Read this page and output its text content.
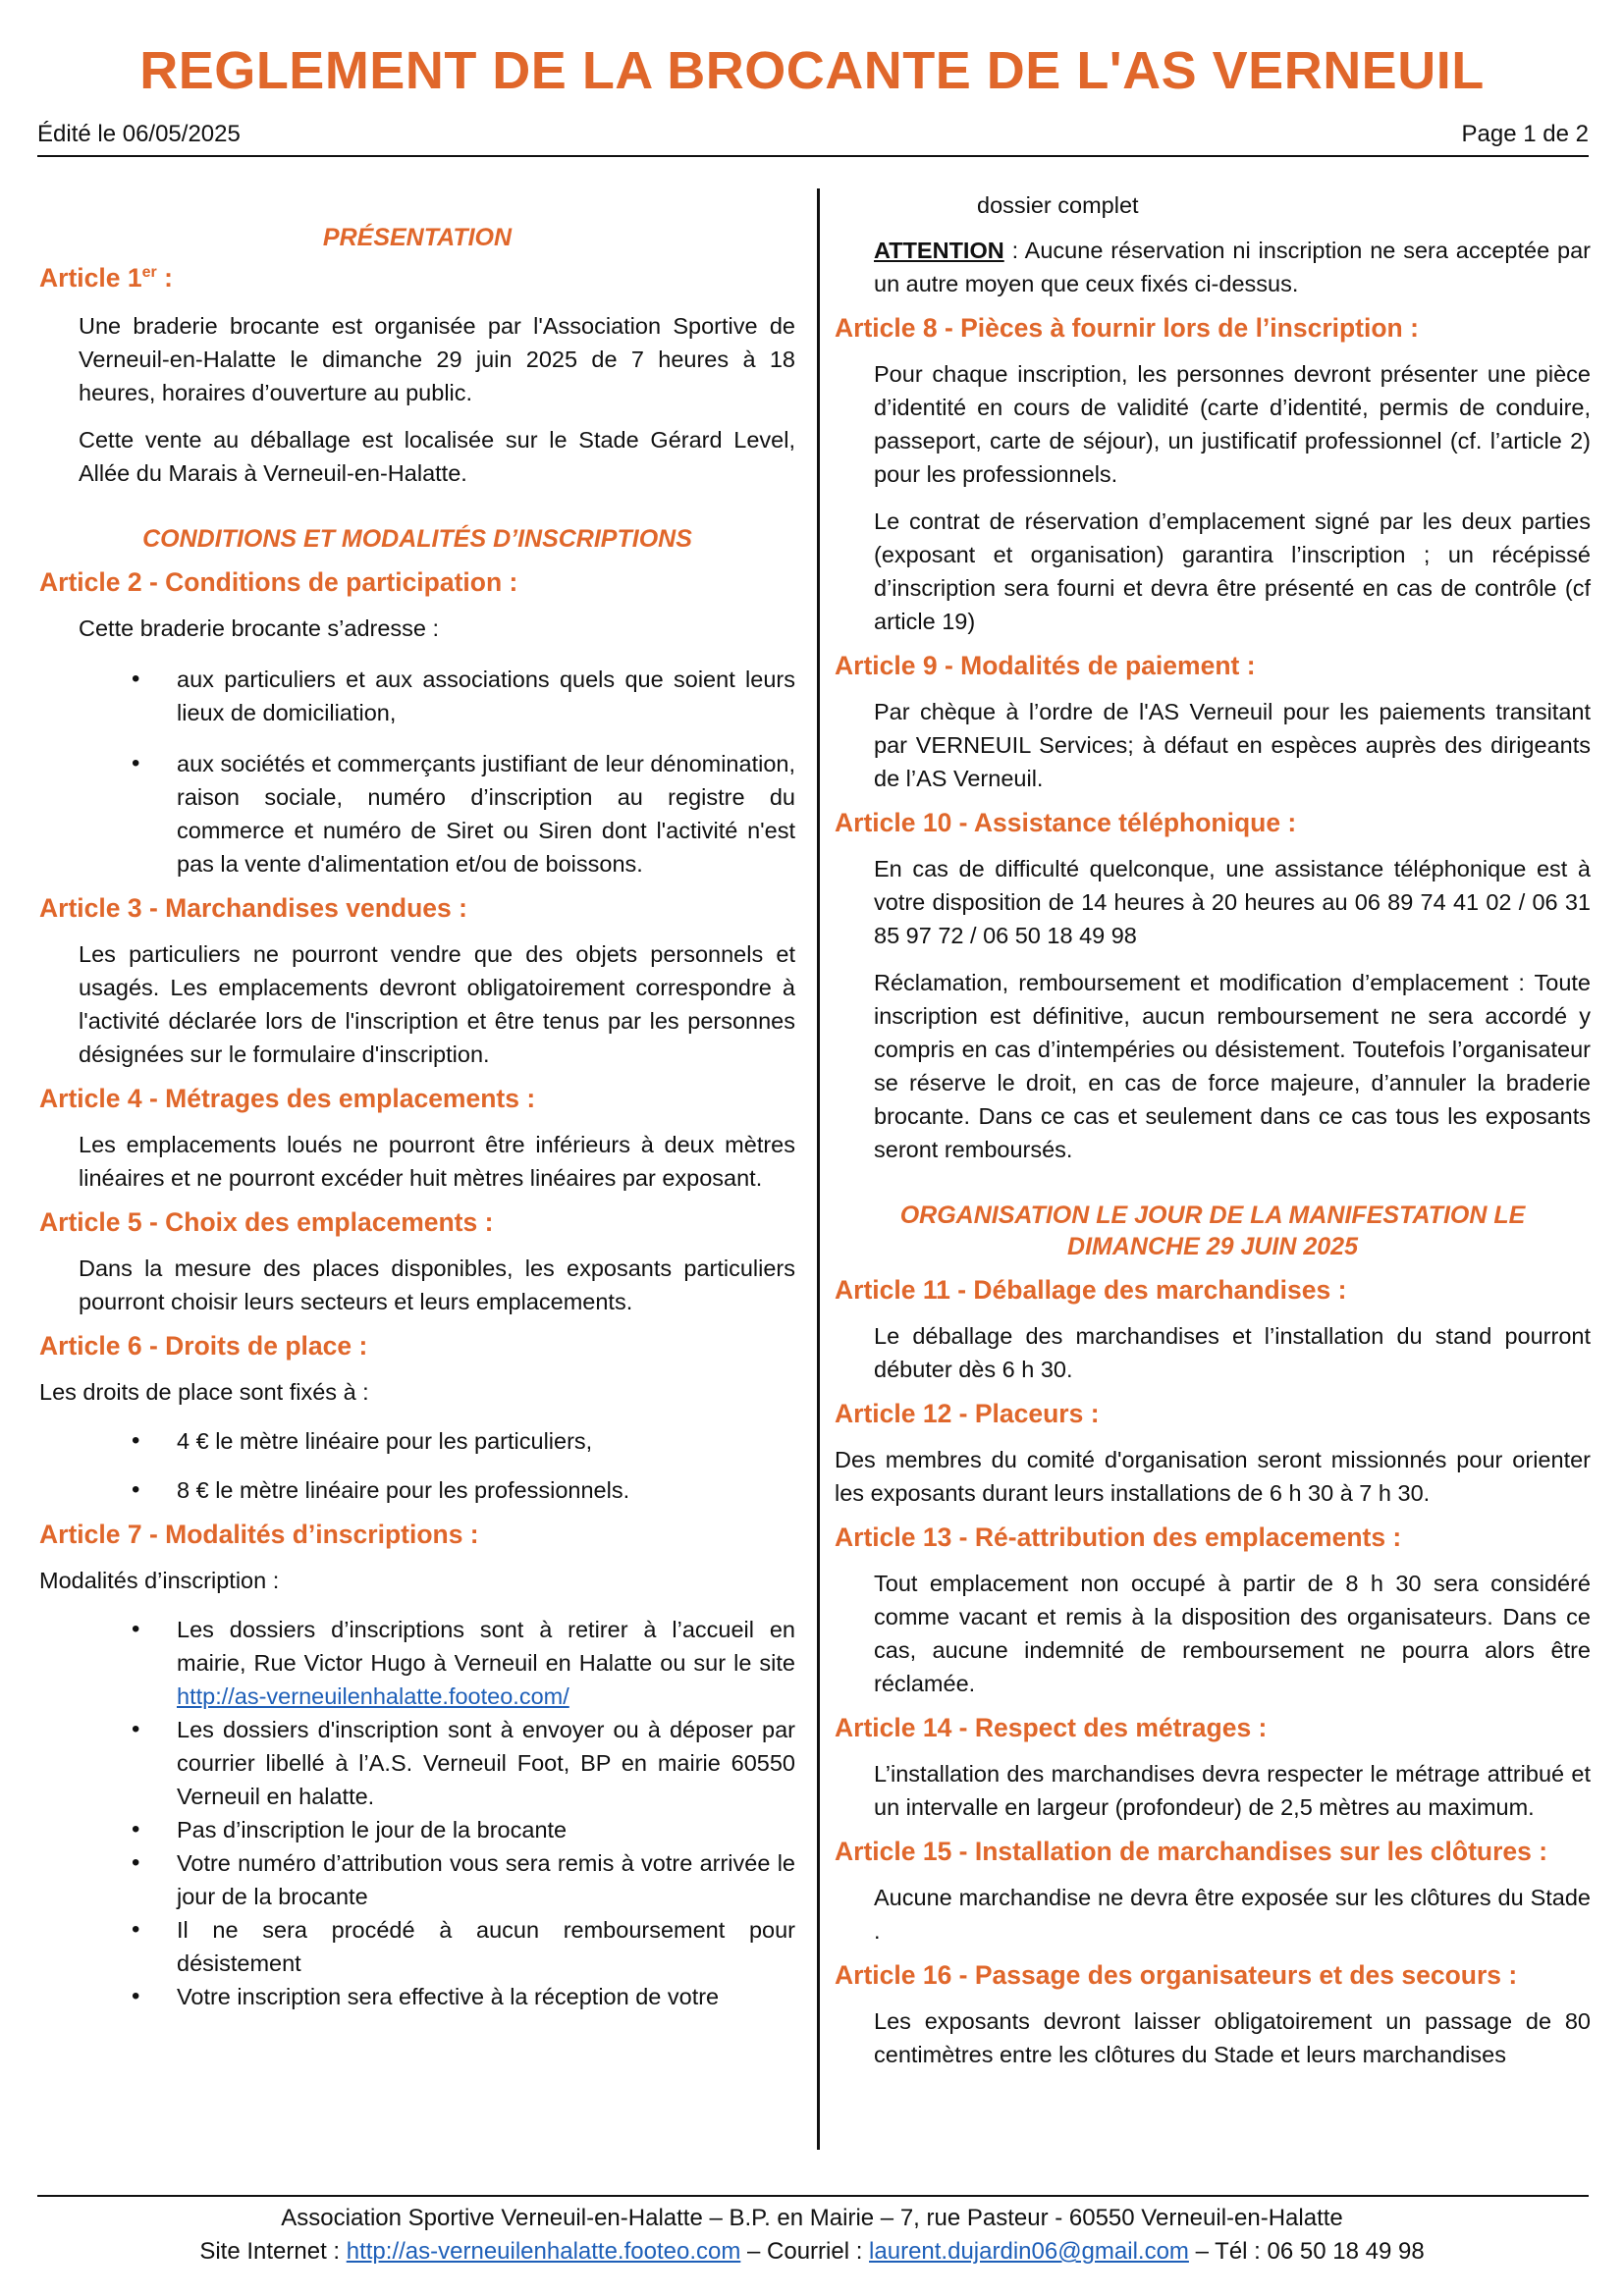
REGLEMENT DE LA BROCANTE DE L'AS VERNEUIL
Édité le 06/05/2025	Page 1 de 2
PRÉSENTATION
Article 1er :

Une braderie brocante est organisée par l'Association Sportive de Verneuil-en-Halatte le dimanche 29 juin 2025 de 7 heures à 18 heures, horaires d’ouverture au public.

Cette vente au déballage est localisée sur le Stade Gérard Level, Allée du Marais à Verneuil-en-Halatte.

CONDITIONS ET MODALITÉS D’INSCRIPTIONS
Article 2 - Conditions de participation :

Cette braderie brocante s’adresse :

• aux particuliers et aux associations quels que soient leurs lieux de domiciliation,
• aux sociétés et commerçants justifiant de leur dénomination, raison sociale, numéro d’inscription au registre du commerce et numéro de Siret ou Siren dont l'activité n'est pas la vente d'alimentation et/ou de boissons.
Article 3 - Marchandises vendues :

Les particuliers ne pourront vendre que des objets personnels et usagés. Les emplacements devront obligatoirement correspondre à l'activité déclarée lors de l'inscription et être tenus par les personnes désignées sur le formulaire d'inscription.

Article 4 - Métrages des emplacements :

Les emplacements loués ne pourront être inférieurs à deux mètres linéaires et ne pourront excéder huit mètres linéaires par exposant.

Article 5 - Choix des emplacements :

Dans la mesure des places disponibles, les exposants particuliers pourront choisir leurs secteurs et leurs emplacements.

Article 6 - Droits de place :

Les droits de place sont fixés à :

• 4 € le mètre linéaire pour les particuliers,
• 8 € le mètre linéaire pour les professionnels.
Article 7 - Modalités d’inscriptions :

Modalités d’inscription :

• Les dossiers d’inscriptions sont à retirer à l’accueil en mairie, Rue Victor Hugo à Verneuil en Halatte ou sur le site http://as-verneuilenhalatte.footeo.com/
• Les dossiers d'inscription sont à envoyer ou à déposer par courrier libellé à l’A.S. Verneuil Foot, BP en mairie 60550 Verneuil en halatte.
• Pas d’inscription le jour de la brocante
• Votre numéro d’attribution vous sera remis à votre arrivée le jour de la brocante
• Il ne sera procédé à aucun remboursement pour désistement
• Votre inscription sera effective à la réception de votre

dossier complet

ATTENTION : Aucune réservation ni inscription ne sera acceptée par un autre moyen que ceux fixés ci-dessus.

Article 8 - Pièces à fournir lors de l’inscription :

Pour chaque inscription, les personnes devront présenter une pièce d’identité en cours de validité (carte d’identité, permis de conduire, passeport, carte de séjour), un justificatif professionnel (cf. l’article 2) pour les professionnels.

Le contrat de réservation d’emplacement signé par les deux parties (exposant et organisation) garantira l’inscription ; un récépissé d’inscription sera fourni et devra être présenté en cas de contrôle (cf article 19)

Article 9 - Modalités de paiement :

Par chèque à l’ordre de l'AS Verneuil pour les paiements transitant par VERNEUIL Services; à défaut en espèces auprès des dirigeants de l’AS Verneuil.

Article 10 - Assistance téléphonique :

En cas de difficulté quelconque, une assistance téléphonique est à votre disposition de 14 heures à 20 heures au 06 89 74 41 02 / 06 31 85 97 72 / 06 50 18 49 98

Réclamation, remboursement et modification d’emplacement : Toute inscription est définitive, aucun remboursement ne sera accordé y compris en cas d’intempéries ou désistement. Toutefois l’organisateur se réserve le droit, en cas de force majeure, d’annuler la braderie brocante. Dans ce cas et seulement dans ce cas tous les exposants seront remboursés.

ORGANISATION LE JOUR DE LA MANIFESTATION LE
DIMANCHE 29 JUIN 2025
Article 11 - Déballage des marchandises :

Le déballage des marchandises et l’installation du stand pourront débuter dès 6 h 30.

Article 12 - Placeurs :

Des membres du comité d'organisation seront missionnés pour orienter les exposants durant leurs installations de 6 h 30 à 7 h 30.

Article 13 - Ré-attribution des emplacements :

Tout emplacement non occupé à partir de 8 h 30 sera considéré comme vacant et remis à la disposition des organisateurs. Dans ce cas, aucune indemnité de remboursement ne pourra alors être réclamée.

Article 14 - Respect des métrages :

L’installation des marchandises devra respecter le métrage attribué et un intervalle en largeur (profondeur) de 2,5 mètres au maximum.

Article 15 - Installation de marchandises sur les clôtures :

Aucune marchandise ne devra être exposée sur les clôtures du Stade .

Article 16 - Passage des organisateurs et des secours :

Les exposants devront laisser obligatoirement un passage de 80 centimètres entre les clôtures du Stade et leurs marchandises

Association Sportive Verneuil-en-Halatte – B.P. en Mairie – 7, rue Pasteur - 60550 Verneuil-en-Halatte
Site Internet : http://as-verneuilenhalatte.footeo.com – Courriel : laurent.dujardin06@gmail.com – Tél : 06 50 18 49 98
